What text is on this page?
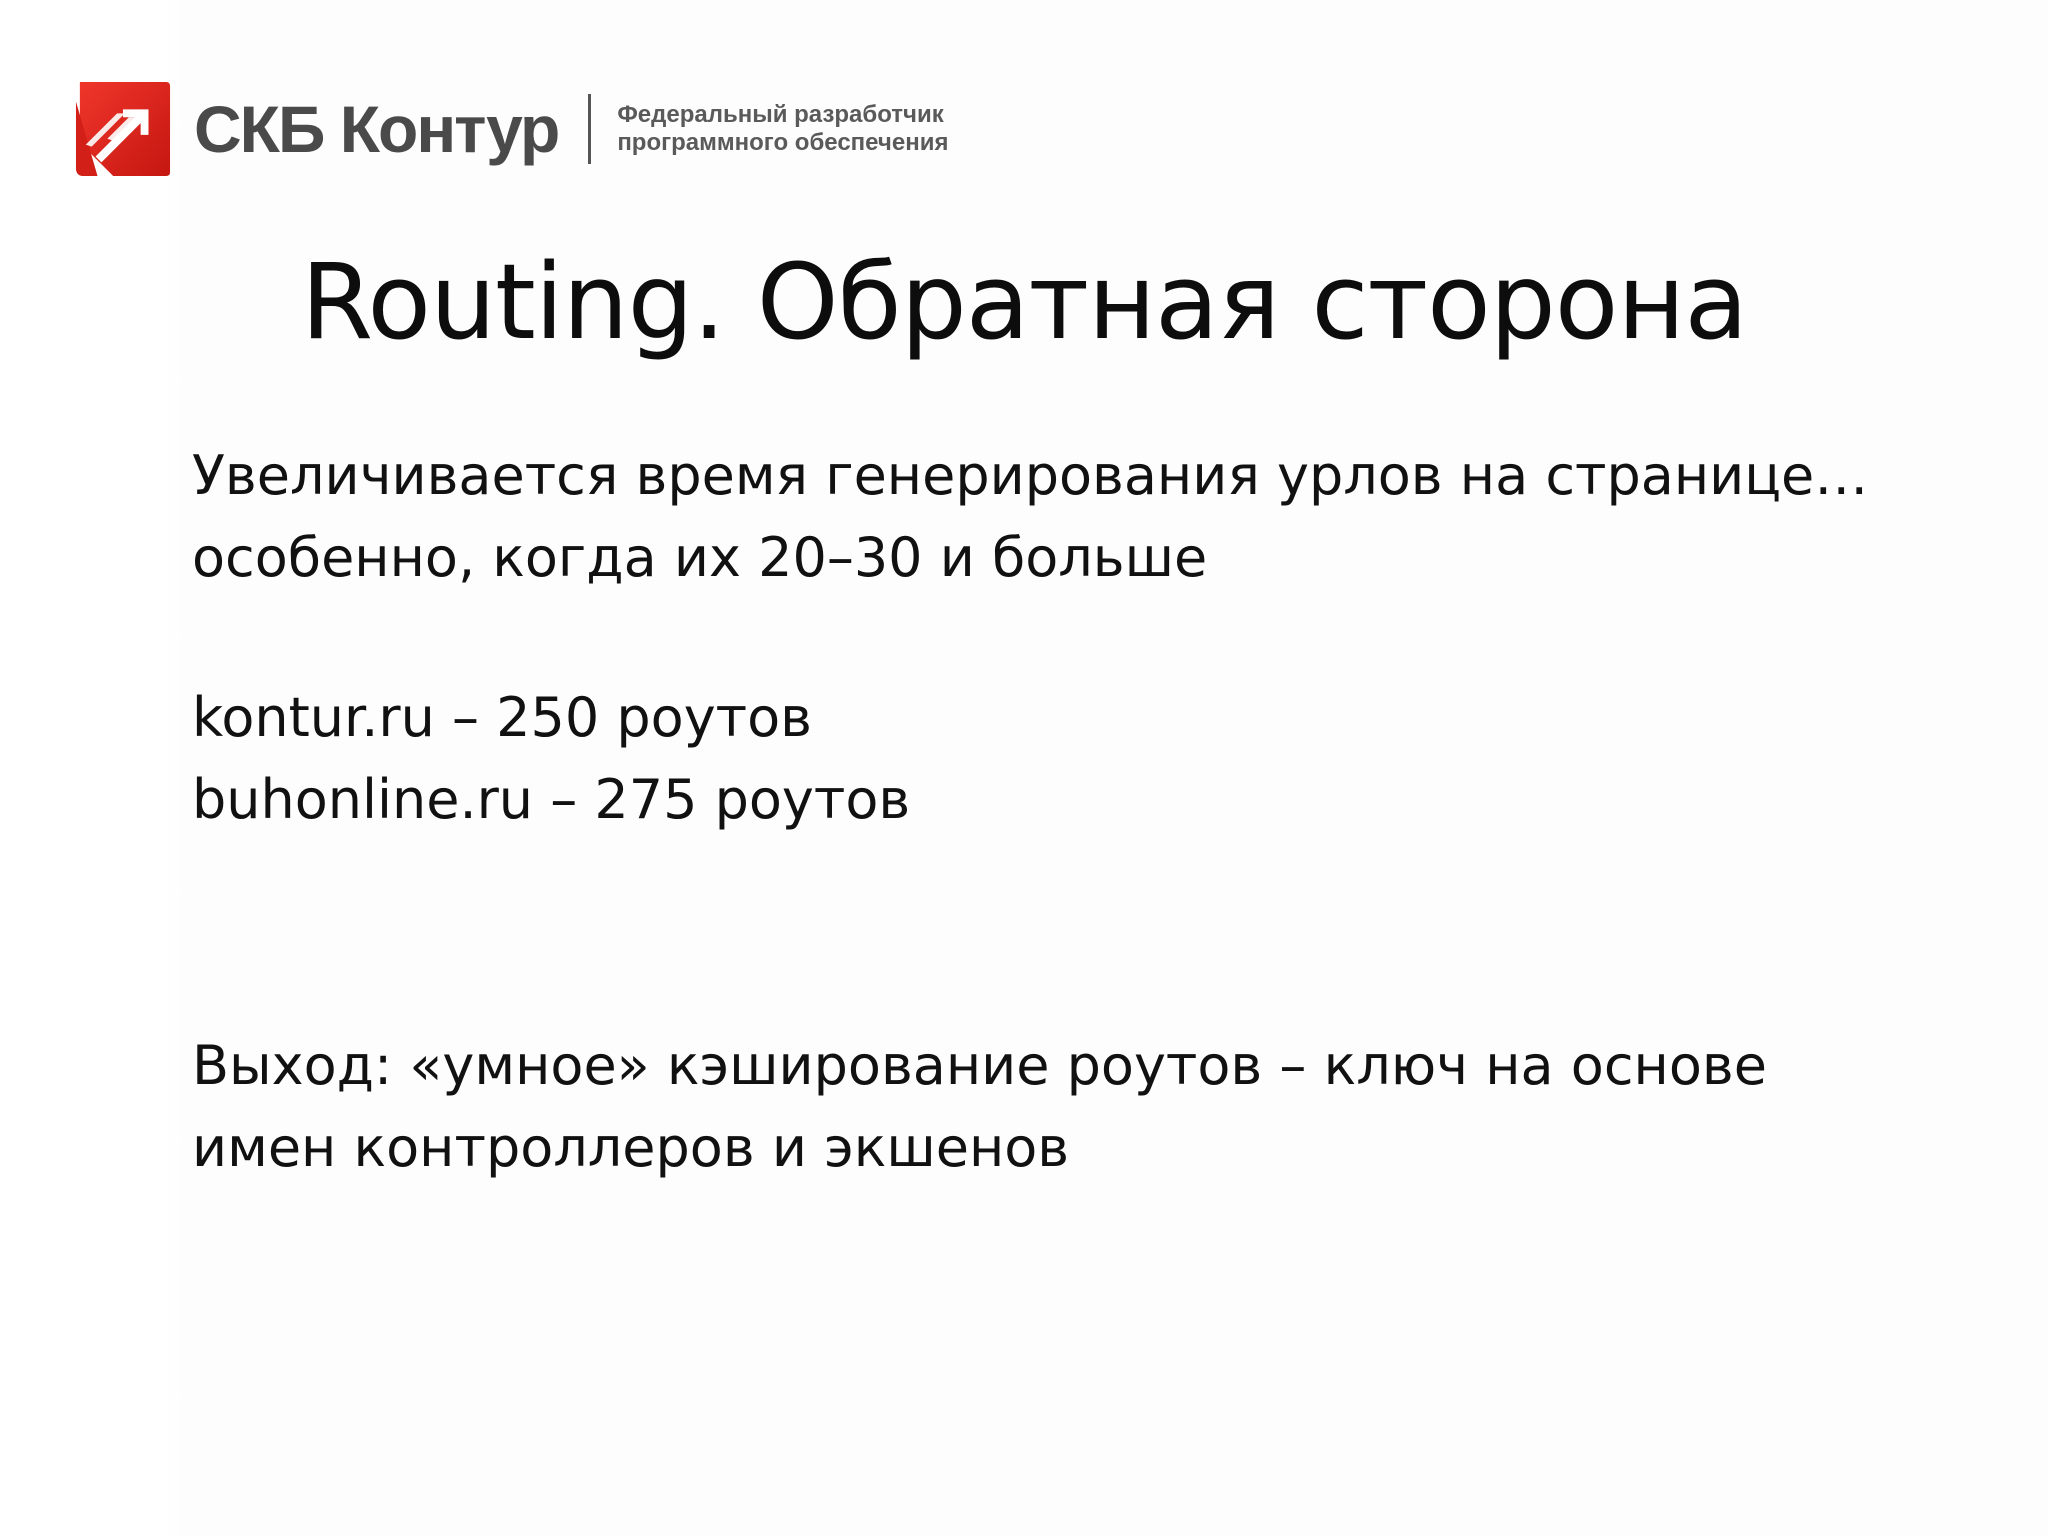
СКБ Контур Федеральный разработчик
программного обеспечения
Routing. Обратная сторона
Увеличивается время генерирования урлов на странице…
особенно, когда их 20–30 и больше
kontur.ru – 250 роутов
buhonline.ru – 275 роутов
Выход: «умное» кэширование роутов – ключ на основе
имен контроллеров и экшенов
